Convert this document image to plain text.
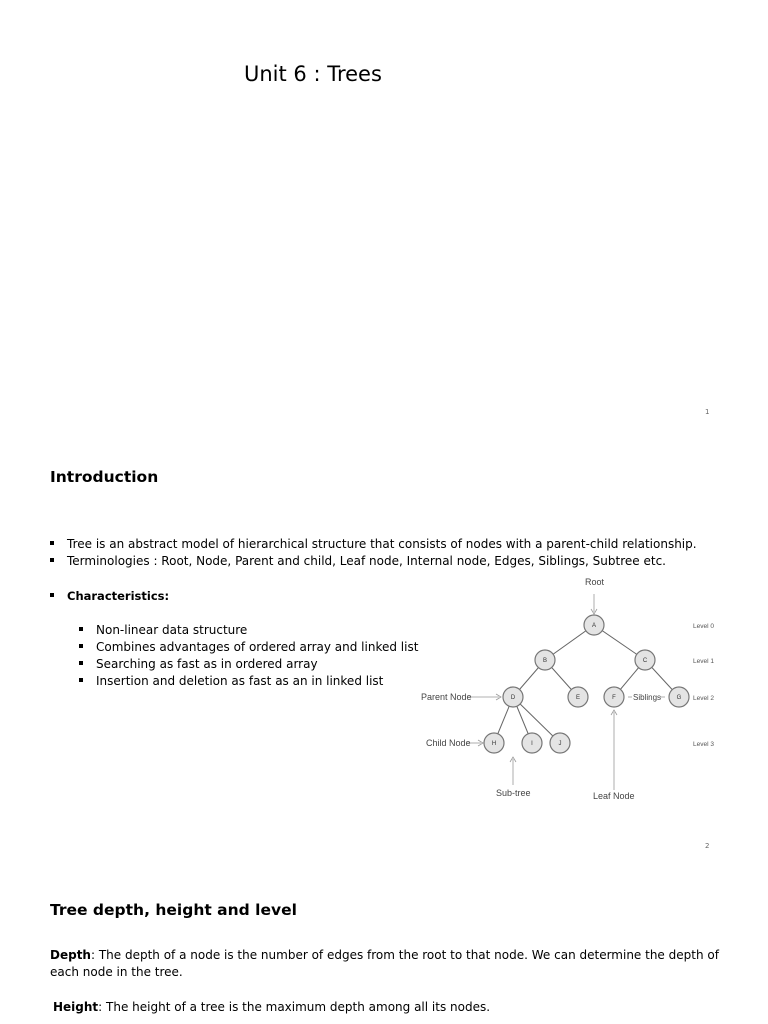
Unit 6 : Trees
1
Introduction
Tree is an abstract model of hierarchical structure that consists of nodes with a parent-child relationship.
Terminologies : Root, Node, Parent and child, Leaf node, Internal node, Edges, Siblings, Subtree etc.
Characteristics:
Non-linear data structure
Combines advantages of ordered array and linked list
Searching as fast as in ordered array
Insertion and deletion as fast as an in linked list
A
B	C
D	E	F	G
H	I	J
Root
Parent Node
Child Node
Sub-tree	Leaf Node
Siblings
Level 0
Level 1
Level 2
Level 3
2
Tree depth, height and level
Depth: The depth of a node is the number of edges from the root to that node. We can determine the depth of each node in the tree.
Height: The height of a tree is the maximum depth among all its nodes.
